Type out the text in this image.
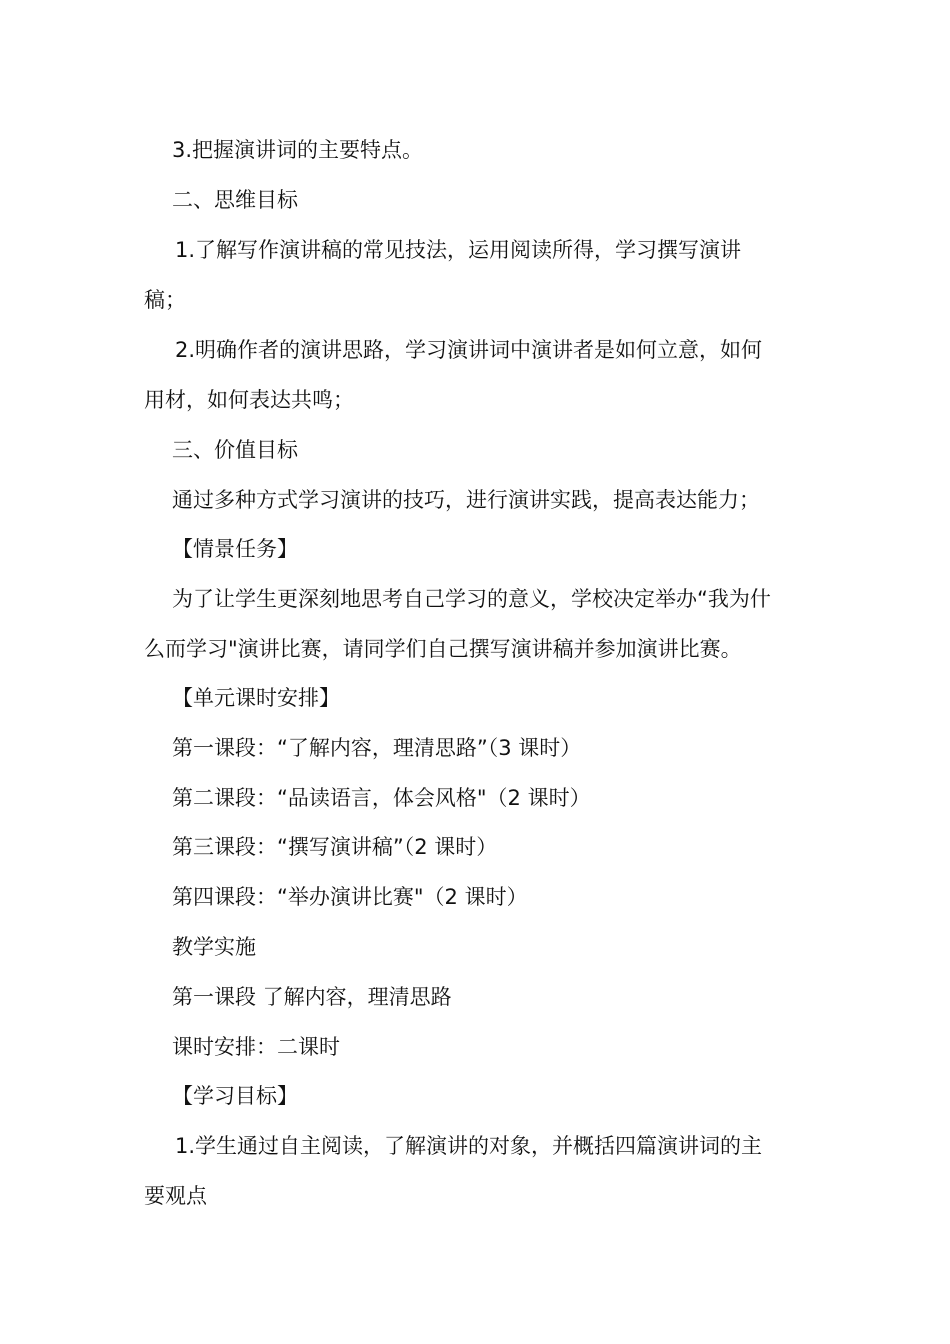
3.把握演讲词的主要特点。
二、思维目标
1.了解写作演讲稿的常见技法，运用阅读所得，学习撰写演讲
稿；
2.明确作者的演讲思路，学习演讲词中演讲者是如何立意，如何
用材，如何表达共鸣；
三、价值目标
通过多种方式学习演讲的技巧，进行演讲实践，提高表达能力；
【情景任务】
为了让学生更深刻地思考自己学习的意义，学校决定举办“我为什
么而学习"演讲比赛，请同学们自己撰写演讲稿并参加演讲比赛。
【单元课时安排】
第一课段：“了解内容，理清思路”（3 课时）
第二课段：“品读语言，体会风格"（2 课时）
第三课段：“撰写演讲稿”（2 课时）
第四课段：“举办演讲比赛"（2 课时）
教学实施
第一课段 了解内容，理清思路
课时安排：二课时
【学习目标】
1.学生通过自主阅读，了解演讲的对象，并概括四篇演讲词的主
要观点
